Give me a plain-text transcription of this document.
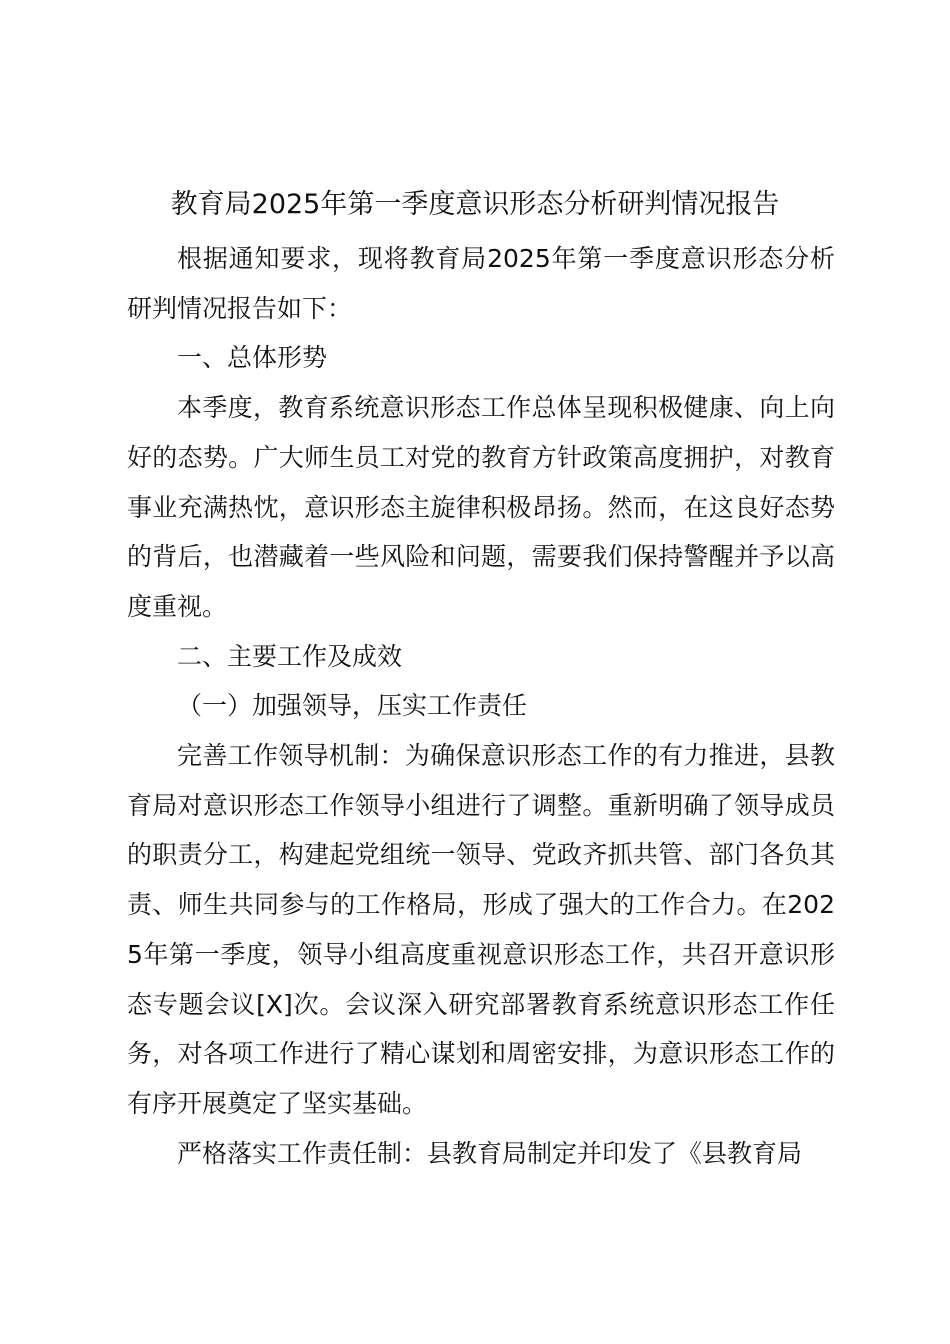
教育局2025年第一季度意识形态分析研判情况报告

根据通知要求，现将教育局2025年第一季度意识形态分析研判情况报告如下：

一、总体形势

本季度，教育系统意识形态工作总体呈现积极健康、向上向好的态势。广大师生员工对党的教育方针政策高度拥护，对教育事业充满热忱，意识形态主旋律积极昂扬。然而，在这良好态势的背后，也潜藏着一些风险和问题，需要我们保持警醒并予以高度重视。

二、主要工作及成效

（一）加强领导，压实工作责任

完善工作领导机制：为确保意识形态工作的有力推进，县教育局对意识形态工作领导小组进行了调整。重新明确了领导成员的职责分工，构建起党组统一领导、党政齐抓共管、部门各负其责、师生共同参与的工作格局，形成了强大的工作合力。在2025年第一季度，领导小组高度重视意识形态工作，共召开意识形态专题会议[X]次。会议深入研究部署教育系统意识形态工作任务，对各项工作进行了精心谋划和周密安排，为意识形态工作的有序开展奠定了坚实基础。

严格落实工作责任制：县教育局制定并印发了《县教育局
